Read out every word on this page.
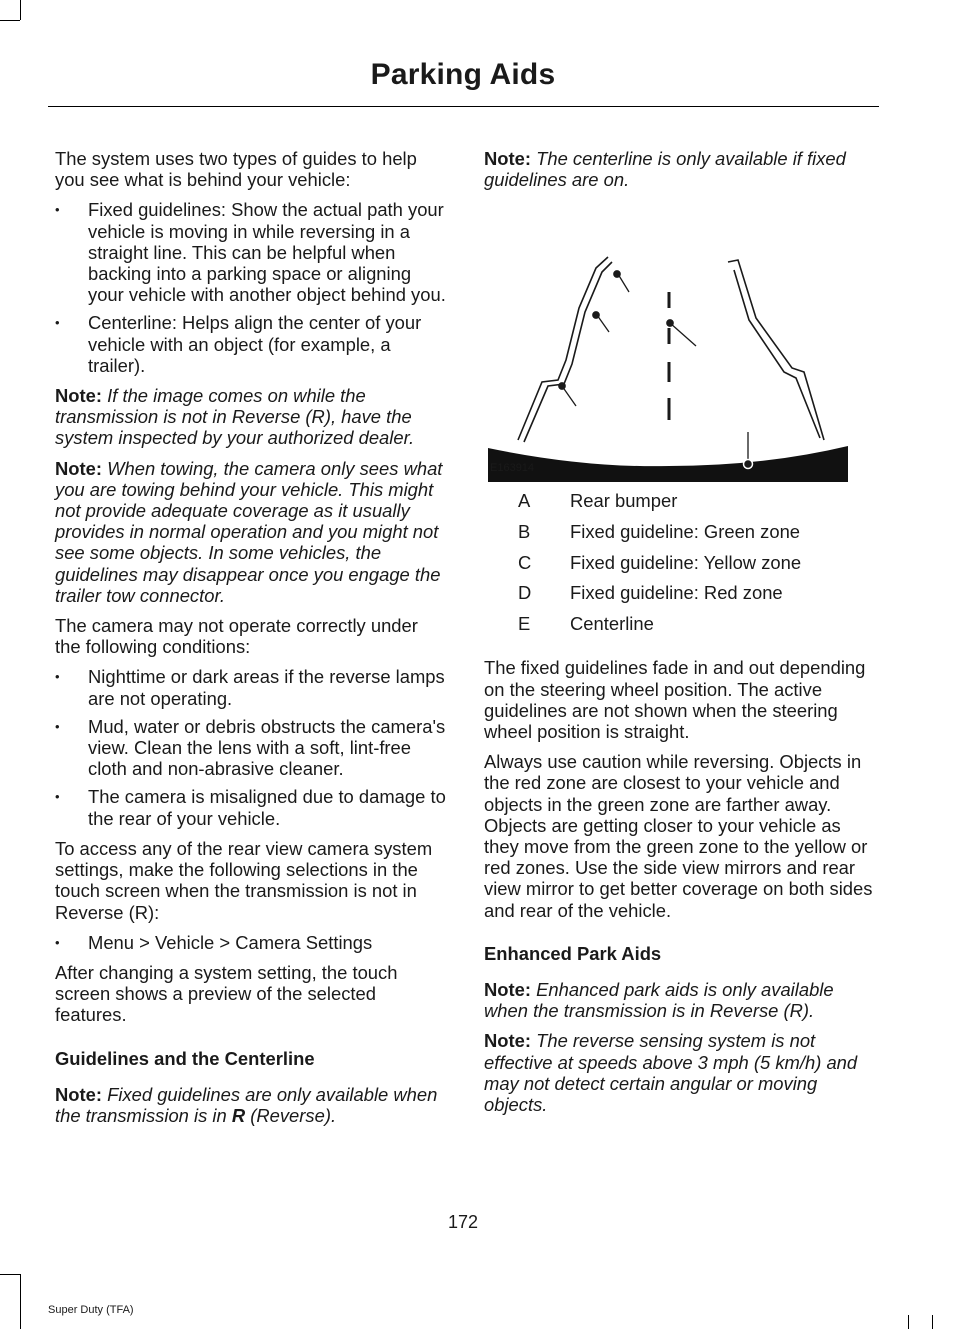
Parking Aids

The system uses two types of guides to help you see what is behind your vehicle:

• Fixed guidelines: Show the actual path your vehicle is moving in while reversing in a straight line. This can be helpful when backing into a parking space or aligning your vehicle with another object behind you.
• Centerline: Helps align the center of your vehicle with an object (for example, a trailer).

Note: If the image comes on while the transmission is not in Reverse (R), have the system inspected by your authorized dealer.

Note: When towing, the camera only sees what you are towing behind your vehicle. This might not provide adequate coverage as it usually provides in normal operation and you might not see some objects. In some vehicles, the guidelines may disappear once you engage the trailer tow connector.

The camera may not operate correctly under the following conditions:

• Nighttime or dark areas if the reverse lamps are not operating.
• Mud, water or debris obstructs the camera's view. Clean the lens with a soft, lint-free cloth and non-abrasive cleaner.
• The camera is misaligned due to damage to the rear of your vehicle.

To access any of the rear view camera system settings, make the following selections in the touch screen when the transmission is not in Reverse (R):

• Menu > Vehicle > Camera Settings

After changing a system setting, the touch screen shows a preview of the selected features.

Guidelines and the Centerline

Note: Fixed guidelines are only available when the transmission is in R (Reverse).

Note: The centerline is only available if fixed guidelines are on.

E163914
A Rear bumper
B Fixed guideline: Green zone
C Fixed guideline: Yellow zone
D Fixed guideline: Red zone
E Centerline

The fixed guidelines fade in and out depending on the steering wheel position. The active guidelines are not shown when the steering wheel position is straight.

Always use caution while reversing. Objects in the red zone are closest to your vehicle and objects in the green zone are farther away. Objects are getting closer to your vehicle as they move from the green zone to the yellow or red zones. Use the side view mirrors and rear view mirror to get better coverage on both sides and rear of the vehicle.

Enhanced Park Aids

Note: Enhanced park aids is only available when the transmission is in Reverse (R).

Note: The reverse sensing system is not effective at speeds above 3 mph (5 km/h) and may not detect certain angular or moving objects.

172
Super Duty (TFA)
